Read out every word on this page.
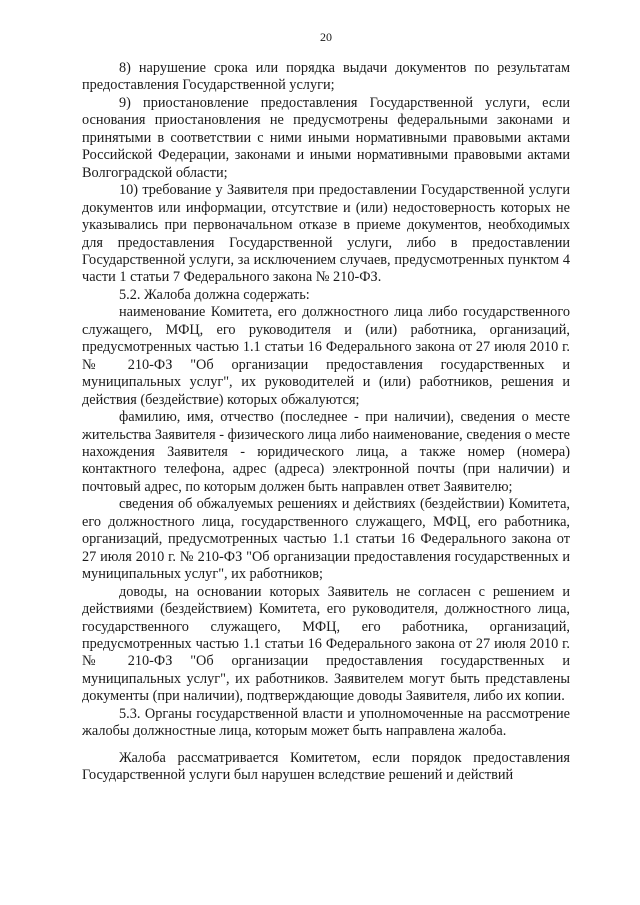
20

8) нарушение срока или порядка выдачи документов по результатам предоставления Государственной услуги;

9) приостановление предоставления Государственной услуги, если основания приостановления не предусмотрены федеральными законами и принятыми в соответствии с ними иными нормативными правовыми актами Российской Федерации, законами и иными нормативными правовыми актами Волгоградской области;

10) требование у Заявителя при предоставлении Государственной услуги документов или информации, отсутствие и (или) недостоверность которых не указывались при первоначальном отказе в приеме документов, необходимых для предоставления Государственной услуги, либо в предоставлении Государственной услуги, за исключением случаев, предусмотренных пунктом 4 части 1 статьи 7 Федерального закона № 210-ФЗ.

5.2. Жалоба должна содержать:

наименование Комитета, его должностного лица либо государственного служащего, МФЦ, его руководителя и (или) работника, организаций, предусмотренных частью 1.1 статьи 16 Федерального закона от 27 июля 2010 г. № 210-ФЗ "Об организации предоставления государственных и муниципальных услуг", их руководителей и (или) работников, решения и действия (бездействие) которых обжалуются;

фамилию, имя, отчество (последнее - при наличии), сведения о месте жительства Заявителя - физического лица либо наименование, сведения о месте нахождения Заявителя - юридического лица, а также номер (номера) контактного телефона, адрес (адреса) электронной почты (при наличии) и почтовый адрес, по которым должен быть направлен ответ Заявителю;

сведения об обжалуемых решениях и действиях (бездействии) Комитета, его должностного лица, государственного служащего, МФЦ, его работника, организаций, предусмотренных частью 1.1 статьи 16 Федерального закона от 27 июля 2010 г. № 210-ФЗ "Об организации предоставления государственных и муниципальных услуг", их работников;

доводы, на основании которых Заявитель не согласен с решением и действиями (бездействием) Комитета, его руководителя, должностного лица, государственного служащего, МФЦ, его работника, организаций, предусмотренных частью 1.1 статьи 16 Федерального закона от 27 июля 2010 г. № 210-ФЗ "Об организации предоставления государственных и муниципальных услуг", их работников. Заявителем могут быть представлены документы (при наличии), подтверждающие доводы Заявителя, либо их копии.

5.3. Органы государственной власти и уполномоченные на рассмотрение жалобы должностные лица, которым может быть направлена жалоба.

Жалоба рассматривается Комитетом, если порядок предоставления Государственной услуги был нарушен вследствие решений и действий
